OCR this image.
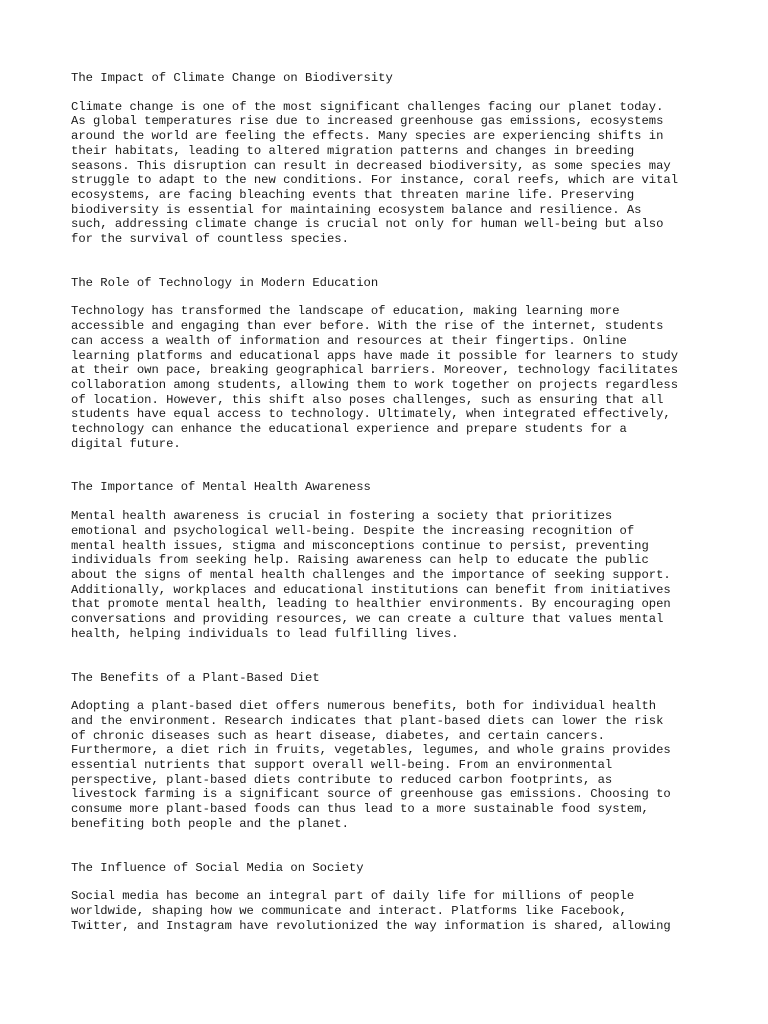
The Impact of Climate Change on Biodiversity

Climate change is one of the most significant challenges facing our planet today.
As global temperatures rise due to increased greenhouse gas emissions, ecosystems
around the world are feeling the effects. Many species are experiencing shifts in
their habitats, leading to altered migration patterns and changes in breeding
seasons. This disruption can result in decreased biodiversity, as some species may
struggle to adapt to the new conditions. For instance, coral reefs, which are vital
ecosystems, are facing bleaching events that threaten marine life. Preserving
biodiversity is essential for maintaining ecosystem balance and resilience. As
such, addressing climate change is crucial not only for human well-being but also
for the survival of countless species.

The Role of Technology in Modern Education

Technology has transformed the landscape of education, making learning more
accessible and engaging than ever before. With the rise of the internet, students
can access a wealth of information and resources at their fingertips. Online
learning platforms and educational apps have made it possible for learners to study
at their own pace, breaking geographical barriers. Moreover, technology facilitates
collaboration among students, allowing them to work together on projects regardless
of location. However, this shift also poses challenges, such as ensuring that all
students have equal access to technology. Ultimately, when integrated effectively,
technology can enhance the educational experience and prepare students for a
digital future.

The Importance of Mental Health Awareness

Mental health awareness is crucial in fostering a society that prioritizes
emotional and psychological well-being. Despite the increasing recognition of
mental health issues, stigma and misconceptions continue to persist, preventing
individuals from seeking help. Raising awareness can help to educate the public
about the signs of mental health challenges and the importance of seeking support.
Additionally, workplaces and educational institutions can benefit from initiatives
that promote mental health, leading to healthier environments. By encouraging open
conversations and providing resources, we can create a culture that values mental
health, helping individuals to lead fulfilling lives.

The Benefits of a Plant-Based Diet

Adopting a plant-based diet offers numerous benefits, both for individual health
and the environment. Research indicates that plant-based diets can lower the risk
of chronic diseases such as heart disease, diabetes, and certain cancers.
Furthermore, a diet rich in fruits, vegetables, legumes, and whole grains provides
essential nutrients that support overall well-being. From an environmental
perspective, plant-based diets contribute to reduced carbon footprints, as
livestock farming is a significant source of greenhouse gas emissions. Choosing to
consume more plant-based foods can thus lead to a more sustainable food system,
benefiting both people and the planet.

The Influence of Social Media on Society

Social media has become an integral part of daily life for millions of people
worldwide, shaping how we communicate and interact. Platforms like Facebook,
Twitter, and Instagram have revolutionized the way information is shared, allowing
